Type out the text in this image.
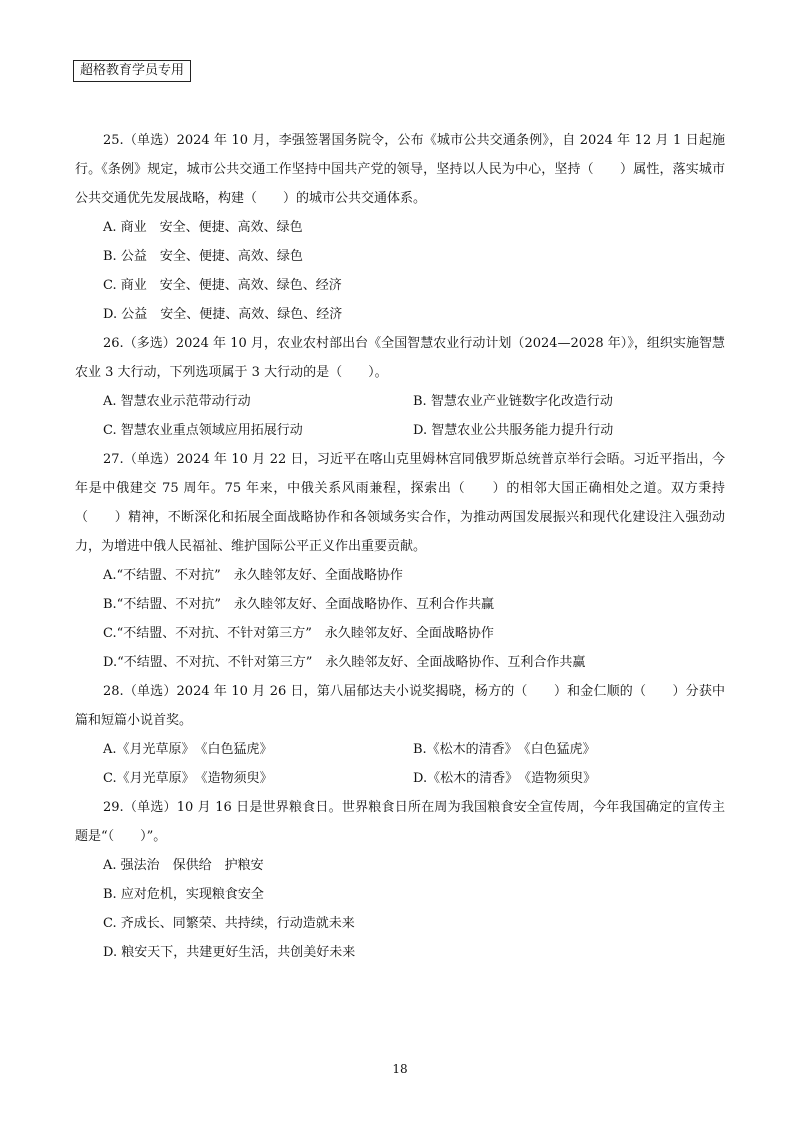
超格教育学员专用

25.（单选）2024 年 10 月，李强签署国务院令，公布《城市公共交通条例》，自 2024 年 12 月 1 日起施行。《条例》规定，城市公共交通工作坚持中国共产党的领导，坚持以人民为中心，坚持（　　）属性，落实城市公共交通优先发展战略，构建（　　）的城市公共交通体系。

A. 商业　安全、便捷、高效、绿色

B. 公益　安全、便捷、高效、绿色

C. 商业　安全、便捷、高效、绿色、经济

D. 公益　安全、便捷、高效、绿色、经济

26.（多选）2024 年 10 月，农业农村部出台《全国智慧农业行动计划（2024—2028 年）》，组织实施智慧农业 3 大行动，下列选项属于 3 大行动的是（　　）。

A. 智慧农业示范带动行动	B. 智慧农业产业链数字化改造行动

C. 智慧农业重点领域应用拓展行动	D. 智慧农业公共服务能力提升行动

27.（单选）2024 年 10 月 22 日，习近平在喀山克里姆林宫同俄罗斯总统普京举行会晤。习近平指出，今年是中俄建交 75 周年。75 年来，中俄关系风雨兼程，探索出（　　）的相邻大国正确相处之道。双方秉持（　　）精神，不断深化和拓展全面战略协作和各领域务实合作，为推动两国发展振兴和现代化建设注入强劲动力，为增进中俄人民福祉、维护国际公平正义作出重要贡献。

A.“不结盟、不对抗”　永久睦邻友好、全面战略协作

B.“不结盟、不对抗”　永久睦邻友好、全面战略协作、互利合作共赢

C.“不结盟、不对抗、不针对第三方”　永久睦邻友好、全面战略协作

D.“不结盟、不对抗、不针对第三方”　永久睦邻友好、全面战略协作、互利合作共赢

28.（单选）2024 年 10 月 26 日，第八届郁达夫小说奖揭晓，杨方的（　　）和金仁顺的（　　）分获中篇和短篇小说首奖。

A.《月光草原》　《白色猛虎》	B.《松木的清香》　《白色猛虎》

C.《月光草原》　《造物须臾》	D.《松木的清香》　《造物须臾》

29.（单选）10 月 16 日是世界粮食日。世界粮食日所在周为我国粮食安全宣传周，今年我国确定的宣传主题是“（　　）”。

A. 强法治　保供给　护粮安

B. 应对危机，实现粮食安全

C. 齐成长、同繁荣、共持续，行动造就未来

D. 粮安天下，共建更好生活，共创美好未来

18
